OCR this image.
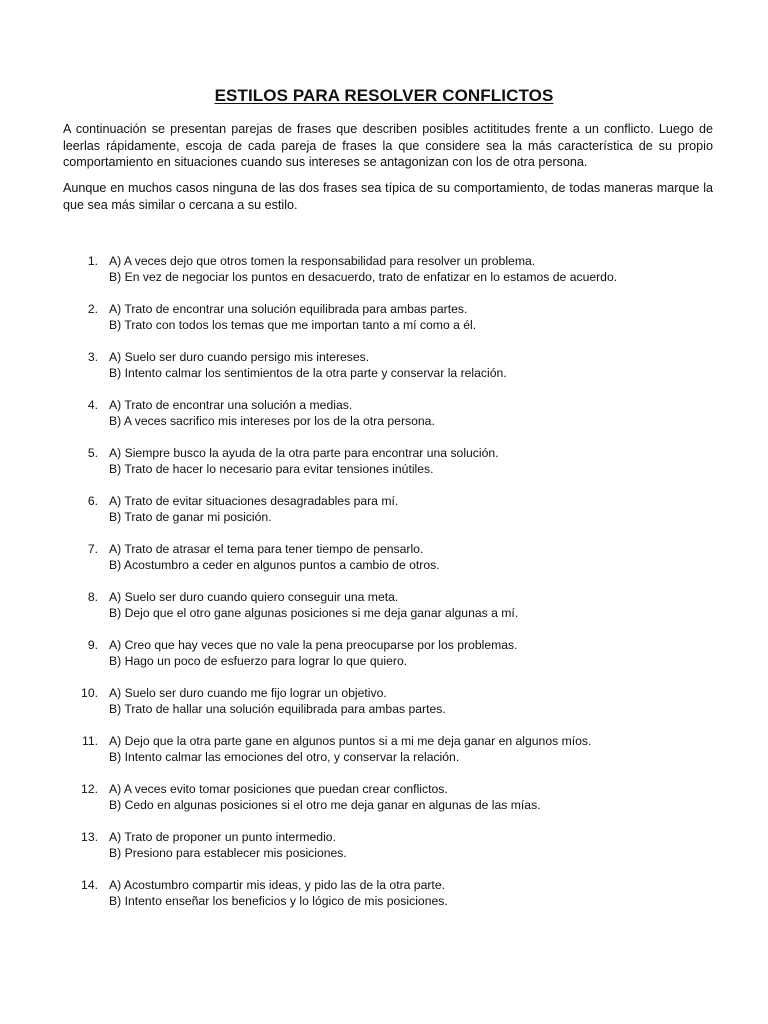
ESTILOS PARA RESOLVER CONFLICTOS

A continuación se presentan parejas de frases que describen posibles actititudes frente a un conflicto. Luego de leerlas rápidamente, escoja de cada pareja de frases la que considere sea la más característica de su propio comportamiento en situaciones cuando sus intereses se antagonizan con los de otra persona.

Aunque en muchos casos ninguna de las dos frases sea típica de su comportamiento, de todas maneras marque la que sea más similar o cercana a su estilo.

1. A) A veces dejo que otros tomen la responsabilidad para resolver un problema.
B) En vez de negociar los puntos en desacuerdo, trato de enfatizar en lo estamos de acuerdo.
2. A) Trato de encontrar una solución equilibrada para ambas partes.
B) Trato con todos los temas que me importan tanto a mí como a él.
3. A) Suelo ser duro cuando persigo mis intereses.
B) Intento calmar los sentimientos de la otra parte y conservar la relación.
4. A) Trato de encontrar una solución a medias.
B) A veces sacrifico mis intereses por los de la otra persona.
5. A) Siempre busco la ayuda de la otra parte para encontrar una solución.
B) Trato de hacer lo necesario para evitar tensiones inútiles.
6. A) Trato de evitar situaciones desagradables para mí.
B) Trato de ganar mi posición.
7. A) Trato de atrasar el tema para tener tiempo de pensarlo.
B) Acostumbro a ceder en algunos puntos a cambio de otros.
8. A) Suelo ser duro cuando quiero conseguir una meta.
B) Dejo que el otro gane algunas posiciones si me deja ganar algunas a mí.
9. A) Creo que hay veces que no vale la pena preocuparse por los problemas.
B) Hago un poco de esfuerzo para lograr lo que quiero.
10. A) Suelo ser duro cuando me fijo lograr un objetivo.
B) Trato de hallar una solución equilibrada para ambas partes.
11. A) Dejo que la otra parte gane en algunos puntos si a mi me deja ganar en algunos míos.
B) Intento calmar las emociones del otro, y conservar la relación.
12. A) A veces evito tomar posiciones que puedan crear conflictos.
B) Cedo en algunas posiciones si el otro me deja ganar en algunas de las mías.
13. A) Trato de proponer un punto intermedio.
B) Presiono para establecer mis posiciones.
14. A) Acostumbro compartir mis ideas, y pido las de la otra parte.
B) Intento enseñar los beneficios y lo lógico de mis posiciones.
